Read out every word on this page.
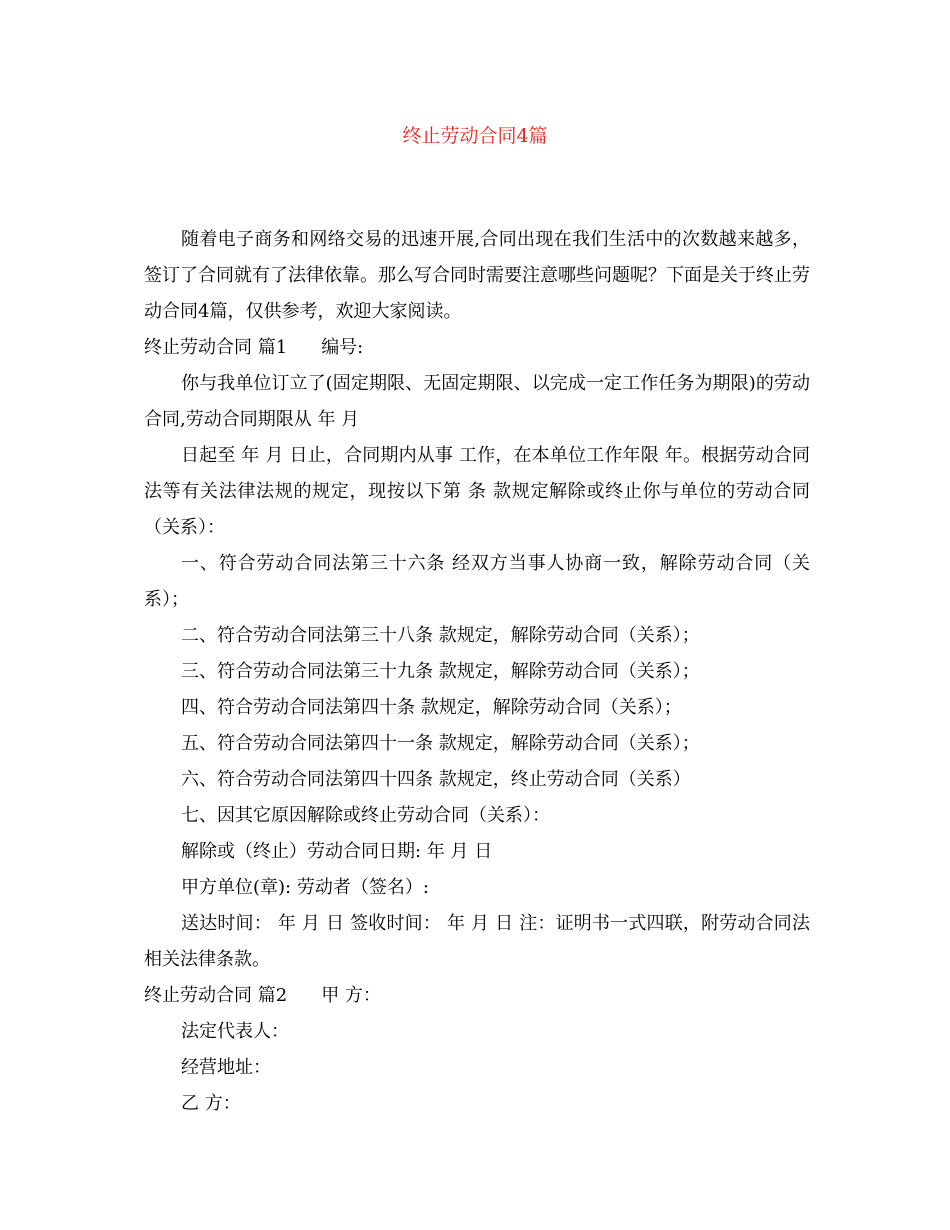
终止劳动合同4篇

随着电子商务和网络交易的迅速开展,合同出现在我们生活中的次数越来越多，签订了合同就有了法律依靠。那么写合同时需要注意哪些问题呢？下面是关于终止劳动合同4篇，仅供参考，欢迎大家阅读。

终止劳动合同 篇1 编号:

你与我单位订立了(固定期限、无固定期限、以完成一定工作任务为期限)的劳动合同,劳动合同期限从 年 月

日起至 年 月 日止，合同期内从事 工作，在本单位工作年限 年。根据劳动合同法等有关法律法规的规定，现按以下第 条 款规定解除或终止你与单位的劳动合同（关系）：

一、符合劳动合同法第三十六条 经双方当事人协商一致，解除劳动合同（关系）；

二、符合劳动合同法第三十八条 款规定，解除劳动合同（关系）；

三、符合劳动合同法第三十九条 款规定，解除劳动合同（关系）；

四、符合劳动合同法第四十条 款规定，解除劳动合同（关系）；

五、符合劳动合同法第四十一条 款规定，解除劳动合同（关系）；

六、符合劳动合同法第四十四条 款规定，终止劳动合同（关系）

七、因其它原因解除或终止劳动合同（关系）：

解除或（终止）劳动合同日期: 年 月 日

甲方单位(章): 劳动者（签名）:

送达时间： 年 月 日 签收时间： 年 月 日 注：证明书一式四联，附劳动合同法相关法律条款。

终止劳动合同 篇2 甲 方：

法定代表人：

经营地址：

乙 方：
